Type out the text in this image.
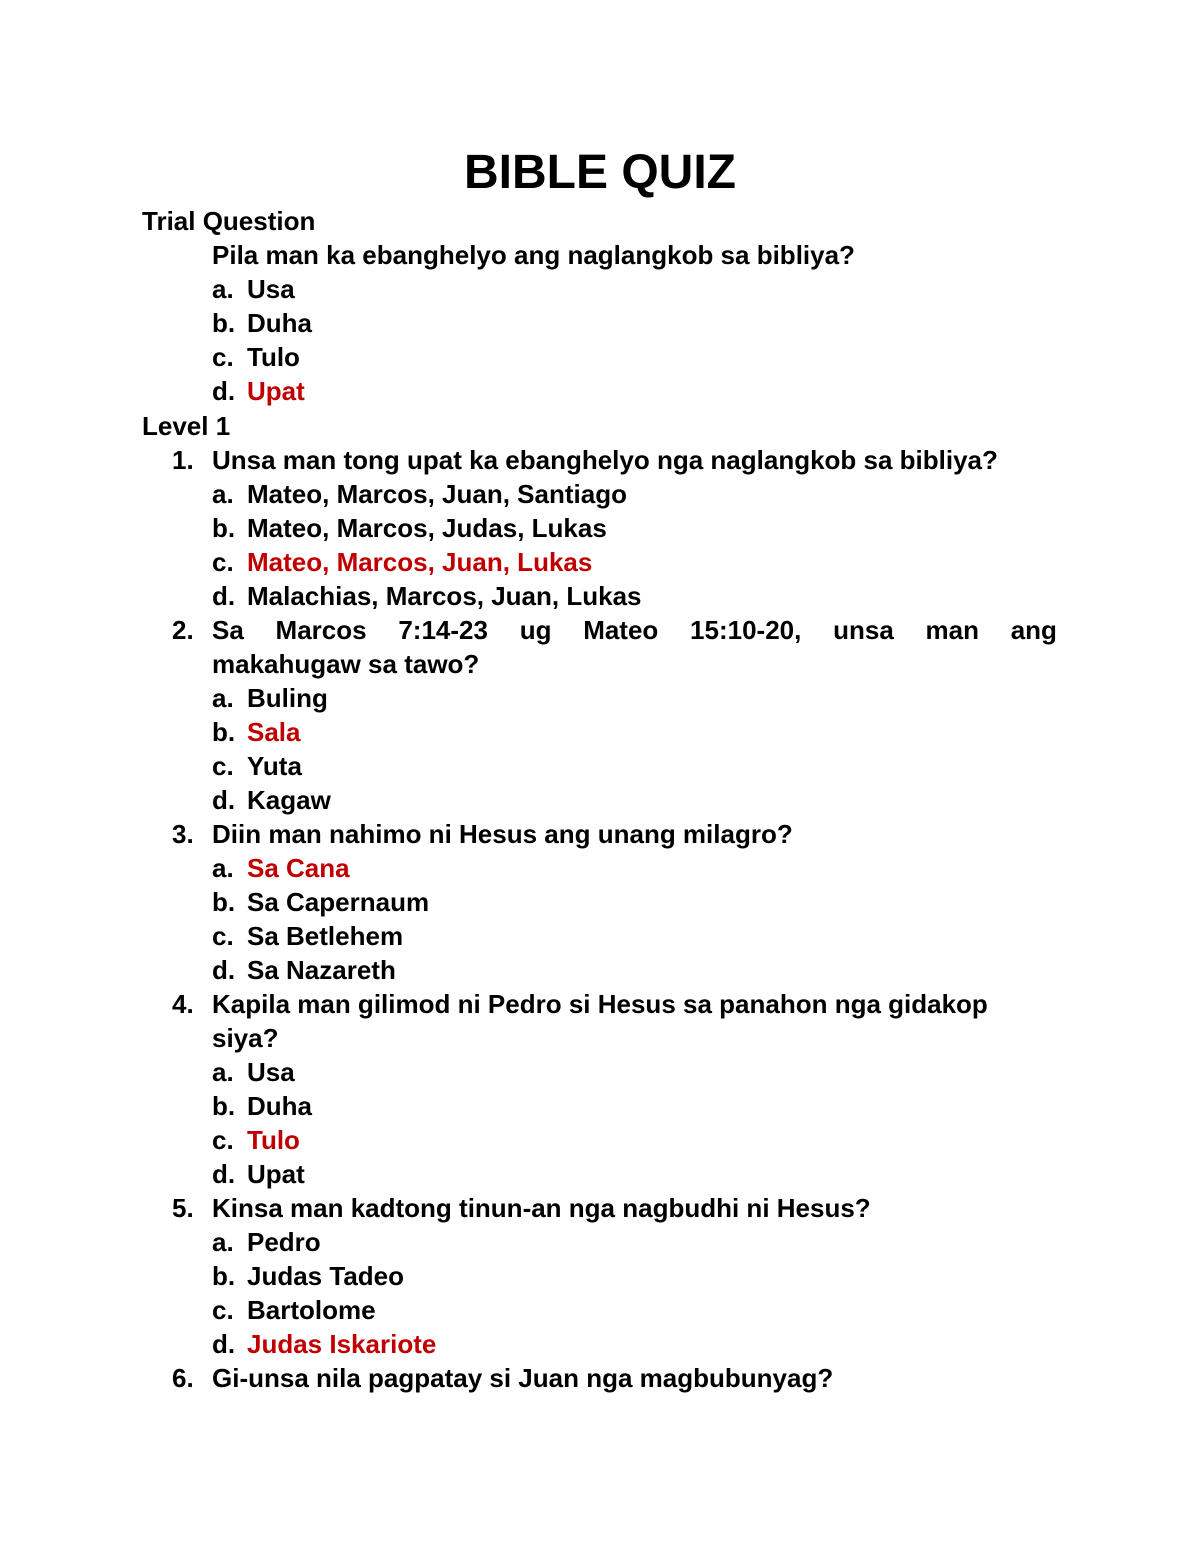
BIBLE QUIZ
Trial Question
Pila man ka ebanghelyo ang naglangkob sa bibliya?
a. Usa
b. Duha
c. Tulo
d. Upat
Level 1
1. Unsa man tong upat ka ebanghelyo nga naglangkob sa bibliya?
a. Mateo, Marcos, Juan, Santiago
b. Mateo, Marcos, Judas, Lukas
c. Mateo, Marcos, Juan, Lukas
d. Malachias, Marcos, Juan, Lukas
2. Sa Marcos 7:14-23 ug Mateo 15:10-20, unsa man ang
makahugaw sa tawo?
a. Buling
b. Sala
c. Yuta
d. Kagaw
3. Diin man nahimo ni Hesus ang unang milagro?
a. Sa Cana
b. Sa Capernaum
c. Sa Betlehem
d. Sa Nazareth
4. Kapila man gilimod ni Pedro si Hesus sa panahon nga gidakop
siya?
a. Usa
b. Duha
c. Tulo
d. Upat
5. Kinsa man kadtong tinun-an nga nagbudhi ni Hesus?
a. Pedro
b. Judas Tadeo
c. Bartolome
d. Judas Iskariote
6. Gi-unsa nila pagpatay si Juan nga magbubunyag?
